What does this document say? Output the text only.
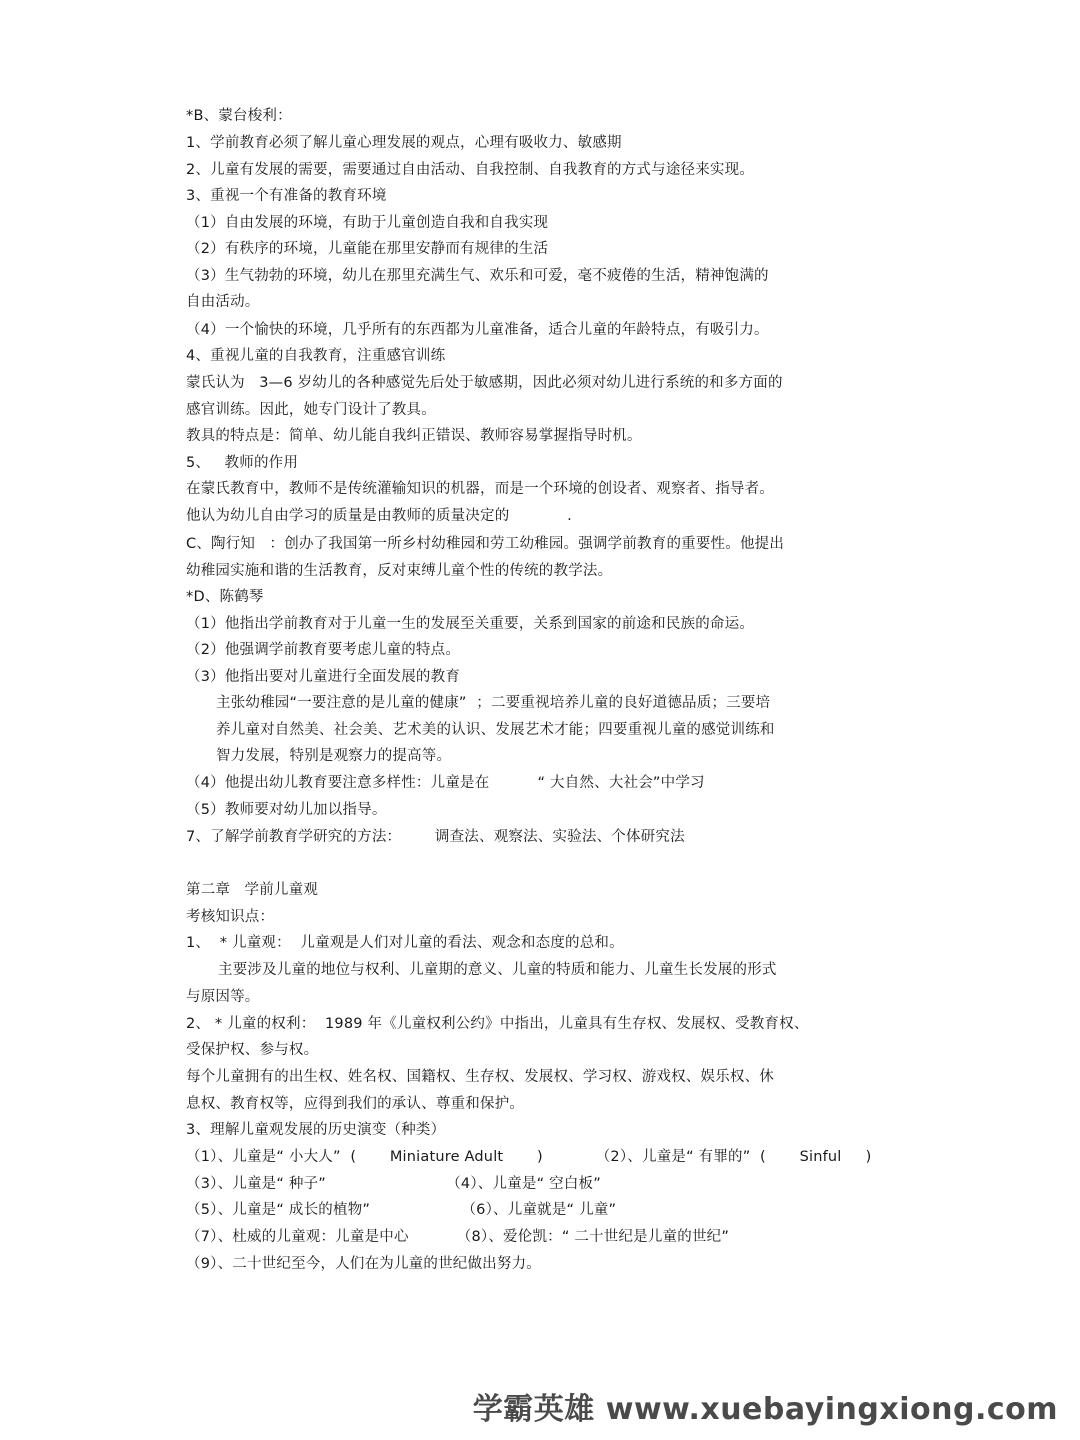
*B、蒙台梭利：
1、学前教育必须了解儿童心理发展的观点，心理有吸收力、敏感期
2、儿童有发展的需要，需要通过自由活动、自我控制、自我教育的方式与途径来实现。
3、重视一个有准备的教育环境
（1）自由发展的环境，有助于儿童创造自我和自我实现
（2）有秩序的环境，儿童能在那里安静而有规律的生活
（3）生气勃勃的环境，幼儿在那里充满生气、欢乐和可爱，毫不疲倦的生活，精神饱满的
自由活动。
（4）一个愉快的环境，几乎所有的东西都为儿童准备，适合儿童的年龄特点，有吸引力。
4、重视儿童的自我教育，注重感官训练
蒙氏认为   3—6 岁幼儿的各种感觉先后处于敏感期，因此必须对幼儿进行系统的和多方面的
感官训练。因此，她专门设计了教具。
教具的特点是：简单、幼儿能自我纠正错误、教师容易掌握指导时机。
5、   教师的作用
在蒙氏教育中，教师不是传统灌输知识的机器，而是一个环境的创设者、观察者、指导者。
他认为幼儿自由学习的质量是由教师的质量决定的            .
C、陶行知   ：创办了我国第一所乡村幼稚园和劳工幼稚园。强调学前教育的重要性。他提出
幼稚园实施和谐的生活教育，反对束缚儿童个性的传统的教学法。
*D、陈鹤琴
（1）他指出学前教育对于儿童一生的发展至关重要，关系到国家的前途和民族的命运。
（2）他强调学前教育要考虑儿童的特点。
（3）他指出要对儿童进行全面发展的教育
主张幼稚园“一要注意的是儿童的健康”  ；二要重视培养儿童的良好道德品质；三要培
养儿童对自然美、社会美、艺术美的认识、发展艺术才能；四要重视儿童的感觉训练和
智力发展，特别是观察力的提高等。
（4）他提出幼儿教育要注意多样性：儿童是在          “ 大自然、大社会”中学习
（5）教师要对幼儿加以指导。
7、了解学前教育学研究的方法：       调查法、观察法、实验法、个体研究法
第二章   学前儿童观
考核知识点：
1、  * 儿童观：  儿童观是人们对儿童的看法、观念和态度的总和。
主要涉及儿童的地位与权利、儿童期的意义、儿童的特质和能力、儿童生长发展的形式
与原因等。
2、 * 儿童的权利：  1989 年《儿童权利公约》中指出，儿童具有生存权、发展权、受教育权、
受保护权、参与权。
每个儿童拥有的出生权、姓名权、国籍权、生存权、发展权、学习权、游戏权、娱乐权、休
息权、教育权等，应得到我们的承认、尊重和保护。
3、理解儿童观发展的历史演变（种类）
（1）、儿童是“ 小大人”  (       Miniature Adult       )           （2）、儿童是“ 有罪的”  (       Sinful     )
（3）、儿童是“ 种子”                         （4）、儿童是“ 空白板”
（5）、儿童是“ 成长的植物”                   （6）、儿童就是“ 儿童”
（7）、杜威的儿童观：儿童是中心          （8）、爱伦凯：“ 二十世纪是儿童的世纪”
（9）、二十世纪至今，人们在为儿童的世纪做出努力。
学霸英雄 www.xuebayingxiong.com
